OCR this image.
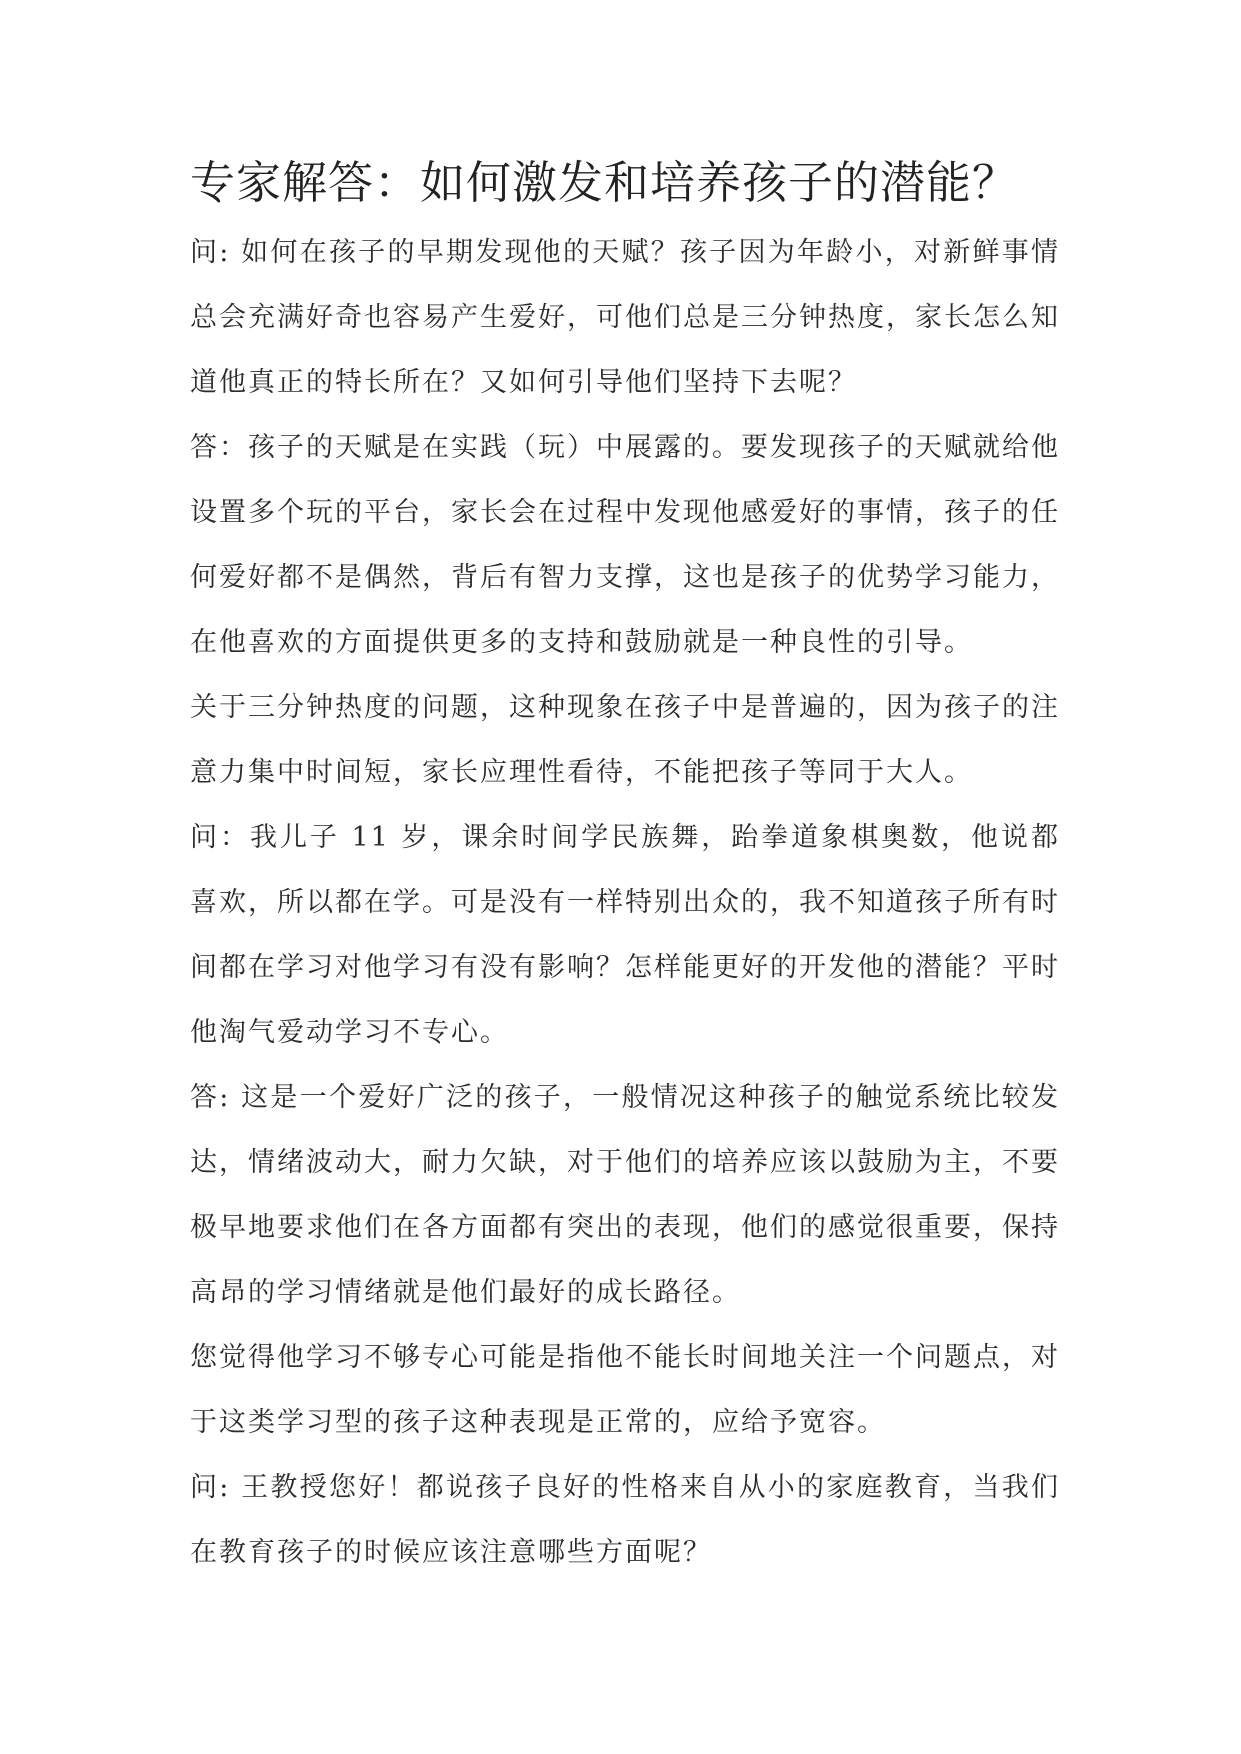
专家解答：如何激发和培养孩子的潜能？

问: 如何在孩子的早期发现他的天赋？孩子因为年龄小，对新鲜事情总会充满好奇也容易产生爱好，可他们总是三分钟热度，家长怎么知道他真正的特长所在？又如何引导他们坚持下去呢？

答：孩子的天赋是在实践（玩）中展露的。要发现孩子的天赋就给他设置多个玩的平台，家长会在过程中发现他感爱好的事情，孩子的任何爱好都不是偶然，背后有智力支撑，这也是孩子的优势学习能力，在他喜欢的方面提供更多的支持和鼓励就是一种良性的引导。

关于三分钟热度的问题，这种现象在孩子中是普遍的，因为孩子的注意力集中时间短，家长应理性看待，不能把孩子等同于大人。

问：我儿子 11 岁，课余时间学民族舞，跆拳道象棋奥数，他说都喜欢，所以都在学。可是没有一样特别出众的，我不知道孩子所有时间都在学习对他学习有没有影响？怎样能更好的开发他的潜能？平时他淘气爱动学习不专心。

答: 这是一个爱好广泛的孩子，一般情况这种孩子的触觉系统比较发达，情绪波动大，耐力欠缺，对于他们的培养应该以鼓励为主，不要极早地要求他们在各方面都有突出的表现，他们的感觉很重要，保持高昂的学习情绪就是他们最好的成长路径。

您觉得他学习不够专心可能是指他不能长时间地关注一个问题点，对于这类学习型的孩子这种表现是正常的，应给予宽容。

问: 王教授您好！都说孩子良好的性格来自从小的家庭教育，当我们在教育孩子的时候应该注意哪些方面呢？
